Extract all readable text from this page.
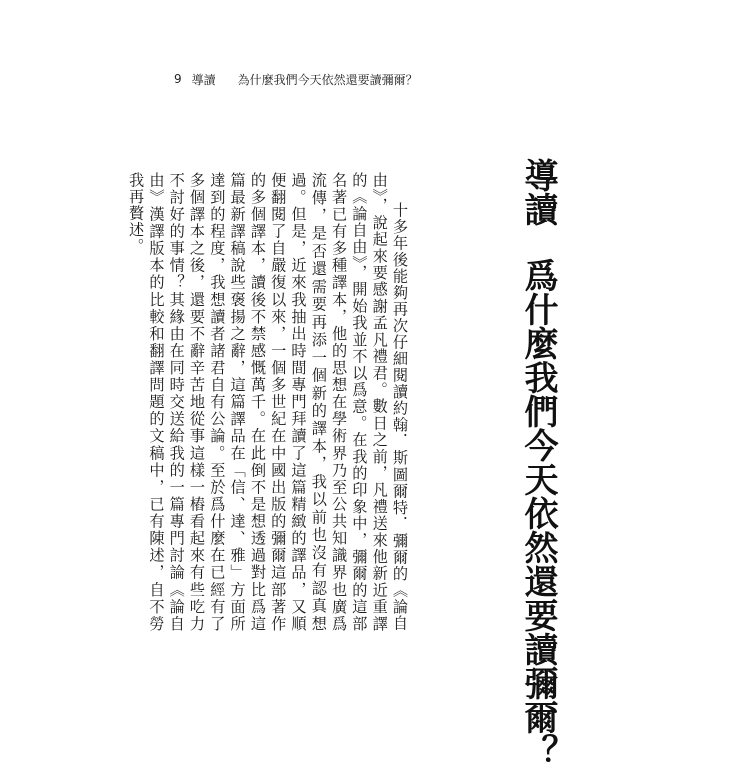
9 導讀 為什麼我們今天依然還要讀彌爾？
導讀爲什麼我們今天依然還要讀彌爾？

十多年後能夠再次仔細閱讀約翰．斯圖爾特．彌爾的《論自由》，說起來要感謝孟凡禮君。數日之前，凡禮送來他新近重譯的《論自由》，開始我並不以爲意。在我的印象中，彌爾的這部名著已有多種譯本，他的思想在學術界乃至公共知識界也廣爲流傳，是否還需要再添一個新的譯本，我以前也沒有認真想過。但是，近來我抽出時間專門拜讀了這篇精緻的譯品，又順便翻閱了自嚴復以來，一個多世紀在中國出版的彌爾這部著作的多個譯本，讀後不禁感慨萬千。在此倒不是想透過對比爲這篇最新譯稿說些褒揚之辭，這篇譯品在「信、達、雅」方面所達到的程度，我想讀者諸君自有公論。至於爲什麼在已經有了多個譯本之後，還要不辭辛苦地從事這樣一樁看起來有些吃力不討好的事情？其緣由在同時交送給我的一篇專門討論《論自由》漢譯版本的比較和翻譯問題的文稿中，已有陳述，自不勞我再贅述。
